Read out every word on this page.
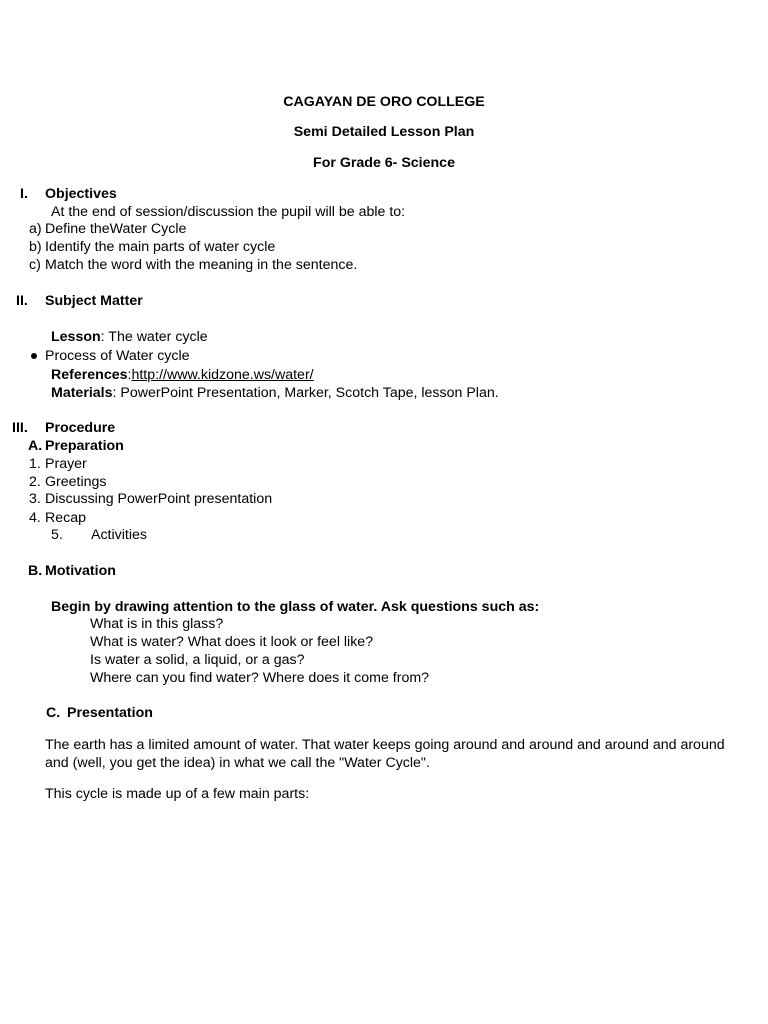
CAGAYAN DE ORO COLLEGE
Semi Detailed Lesson Plan
For Grade 6- Science
I. Objectives
At the end of session/discussion the pupil will be able to:
a) Define theWater Cycle
b) Identify the main parts of water cycle
c) Match the word with the meaning in the sentence.
II. Subject Matter
Lesson: The water cycle
Process of Water cycle
References:http://www.kidzone.ws/water/
Materials: PowerPoint Presentation, Marker, Scotch Tape, lesson Plan.
III. Procedure
A. Preparation
1. Prayer
2. Greetings
3. Discussing PowerPoint presentation
4. Recap
5. Activities
B. Motivation
Begin by drawing attention to the glass of water. Ask questions such as:
What is in this glass?
What is water? What does it look or feel like?
Is water a solid, a liquid, or a gas?
Where can you find water? Where does it come from?
C. Presentation
The earth has a limited amount of water. That water keeps going around and around and around and around and (well, you get the idea) in what we call the "Water Cycle".
This cycle is made up of a few main parts:
